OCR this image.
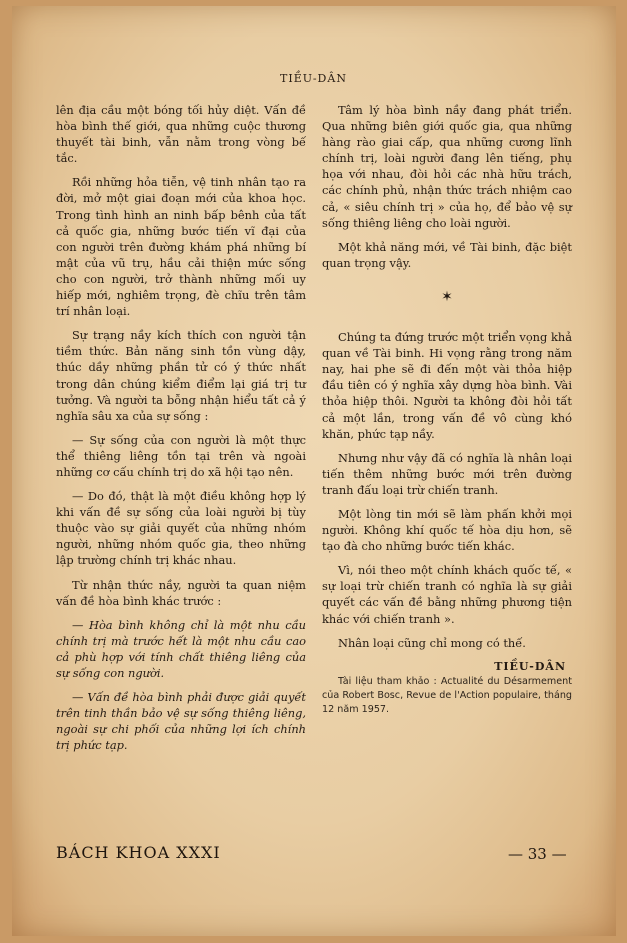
TIỀU-DÂN

lên địa cầu một bóng tối hủy diệt. Vấn đề hòa bình thế giới, qua những cuộc thương thuyết tài binh, vẫn nằm trong vòng bế tắc.

Rồi những hỏa tiễn, vệ tinh nhân tạo ra đời, mở một giai đoạn mới của khoa học. Trong tình hình an ninh bấp bênh của tất cả quốc gia, những bước tiến vĩ đại của con người trên đường khám phá những bí mật của vũ trụ, hầu cải thiện mức sống cho con người, trở thành những mối uy hiếp mới, nghiêm trọng, đè chĩu trên tâm trí nhân loại.

Sự trạng nầy kích thích con người tận tiềm thức. Bản năng sinh tồn vùng dậy, thúc dầy những phần tử có ý thức nhất trong dân chúng kiểm điểm lại giá trị tư tưởng. Và người ta bỗng nhận hiểu tất cả ý nghĩa sâu xa của sự sống :

— Sự sống của con người là một thực thể thiêng liêng tồn tại trên và ngoài những cơ cấu chính trị do xã hội tạo nên.

— Do đó, thật là một điều không hợp lý khi vấn đề sự sống của loài người bị tùy thuộc vào sự giải quyết của những nhóm người, những nhóm quốc gia, theo những lập trường chính trị khác nhau.

Từ nhận thức nầy, người ta quan niệm vấn đề hòa bình khác trước :

— Hòa bình không chỉ là một nhu cầu chính trị mà trước hết là một nhu cầu cao cả phù hợp với tính chất thiêng liêng của sự sống con người.

— Vấn đề hòa bình phải được giải quyết trên tinh thần bảo vệ sự sống thiêng liêng, ngoài sự chi phối của những lợi ích chính trị phức tạp.

Tâm lý hòa bình nầy đang phát triển. Qua những biên giới quốc gia, qua những hàng rào giai cấp, qua những cương lĩnh chính trị, loài người đang lên tiếng, phụ họa với nhau, đòi hỏi các nhà hữu trách, các chính phủ, nhận thức trách nhiệm cao cả, « siêu chính trị » của họ, để bảo vệ sự sống thiêng liêng cho loài người.

Một khả năng mới, về Tài binh, đặc biệt quan trọng vậy.

✶

Chúng ta đứng trước một triển vọng khả quan về Tài binh. Hi vọng rằng trong năm nay, hai phe sẽ đi đến một vài thỏa hiệp đầu tiên có ý nghĩa xây dựng hòa bình. Vài thỏa hiệp thôi. Người ta không đòi hỏi tất cả một lần, trong vấn đề vô cùng khó khăn, phức tạp nầy.

Nhưng như vậy đã có nghĩa là nhân loại tiến thêm những bước mới trên đường tranh đấu loại trừ chiến tranh.

Một lòng tin mới sẽ làm phấn khởi mọi người. Không khí quốc tế hòa dịu hơn, sẽ tạo đà cho những bước tiến khác.

Vì, nói theo một chính khách quốc tế, « sự loại trừ chiến tranh có nghĩa là sự giải quyết các vấn đề bằng những phương tiện khác với chiến tranh ».

Nhân loại cũng chỉ mong có thế.

TIỀU-DÂN

Tài liệu tham khảo : Actualité du Désarmement của Robert Bosc, Revue de l'Action populaire, tháng 12 năm 1957.

BÁCH KHOA XXXI	— 33 —
